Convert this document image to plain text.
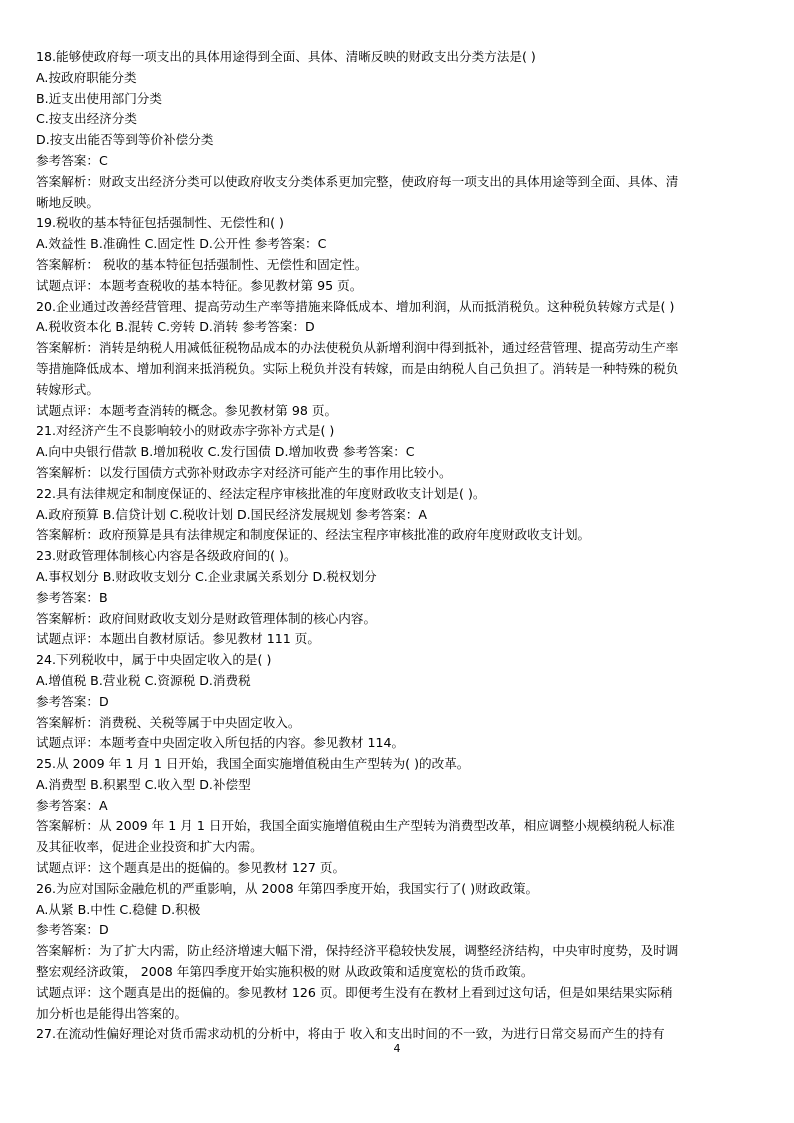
18.能够使政府每一项支出的具体用途得到全面、具体、清晰反映的财政支出分类方法是( )
A.按政府职能分类
B.近支出使用部门分类
C.按支出经济分类
D.按支出能否等到等价补偿分类
参考答案：C
答案解析：财政支出经济分类可以使政府收支分类体系更加完整，使政府每一项支出的具体用途等到全面、具体、清
晰地反映。
19.税收的基本特征包括强制性、无偿性和( )
A.效益性 B.准确性 C.固定性 D.公开性 参考答案：C
答案解析： 税收的基本特征包括强制性、无偿性和固定性。
试题点评：本题考查税收的基本特征。参见教材第 95 页。
20.企业通过改善经营管理、提高劳动生产率等措施来降低成本、增加利润，从而抵消税负。这种税负转嫁方式是( )
A.税收资本化 B.混转 C.旁转 D.消转 参考答案：D
答案解析：消转是纳税人用减低征税物品成本的办法使税负从新增利润中得到抵补，通过经营管理、提高劳动生产率
等措施降低成本、增加利润来抵消税负。实际上税负并没有转嫁，而是由纳税人自己负担了。消转是一种特殊的税负
转嫁形式。
试题点评：本题考查消转的概念。参见教材第 98 页。
21.对经济产生不良影响较小的财政赤字弥补方式是( )
A.向中央银行借款 B.增加税收 C.发行国债 D.增加收费 参考答案：C
答案解析：以发行国债方式弥补财政赤字对经济可能产生的事作用比较小。
22.具有法律规定和制度保证的、经法定程序审核批准的年度财政收支计划是( )。
A.政府预算 B.信贷计划 C.税收计划 D.国民经济发展规划 参考答案：A
答案解析：政府预算是具有法律规定和制度保证的、经法宝程序审核批准的政府年度财政收支计划。
23.财政管理体制核心内容是各级政府间的( )。
A.事权划分 B.财政收支划分 C.企业隶属关系划分 D.税权划分
参考答案：B
答案解析：政府间财政收支划分是财政管理体制的核心内容。
试题点评：本题出自教材原话。参见教材 111 页。
24.下列税收中，属于中央固定收入的是( )
A.增值税 B.营业税 C.资源税 D.消费税
参考答案：D
答案解析：消费税、关税等属于中央固定收入。
试题点评：本题考查中央固定收入所包括的内容。参见教材 114。
25.从 2009 年 1 月 1 日开始，我国全面实施增值税由生产型转为( )的改革。
A.消费型 B.积累型 C.收入型 D.补偿型
参考答案：A
答案解析：从 2009 年 1 月 1 日开始，我国全面实施增值税由生产型转为消费型改革，相应调整小规模纳税人标准
及其征收率，促进企业投资和扩大内需。
试题点评：这个题真是出的挺偏的。参见教材 127 页。
26.为应对国际金融危机的严重影响，从 2008 年第四季度开始，我国实行了( )财政政策。
A.从紧 B.中性 C.稳健 D.积极
参考答案：D
答案解析：为了扩大内需，防止经济增速大幅下滑，保持经济平稳较快发展，调整经济结构，中央审时度势，及时调
整宏观经济政策， 2008 年第四季度开始实施积极的财 从政政策和适度宽松的货币政策。
试题点评：这个题真是出的挺偏的。参见教材 126 页。即便考生没有在教材上看到过这句话，但是如果结果实际稍
加分析也是能得出答案的。
27.在流动性偏好理论对货币需求动机的分析中，将由于 收入和支出时间的不一致，为进行日常交易而产生的持有
4
